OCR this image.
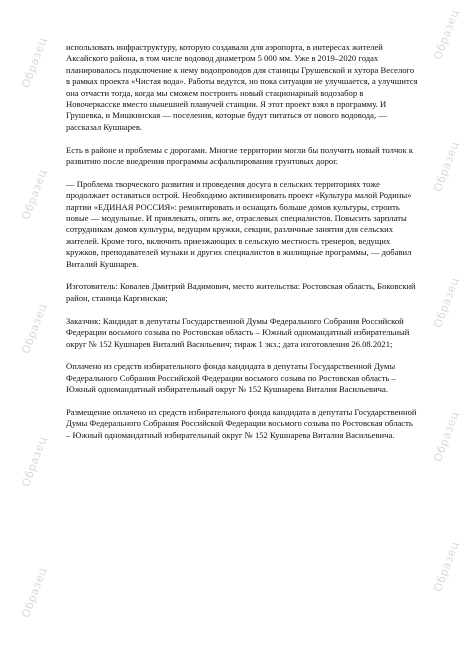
Образец
Образец
Образец
Образец
Образец
Образец
Образец
Образец
Образец
Образец

использовать инфраструктуру, которую создавали для аэропорта, в интересах жителей Аксайского района, в том числе водовод диаметром 5 000 мм. Уже в 2019–2020 годах планировалось подключение к нему водопроводов для станицы Грушевской и хутора Веселого в рамках проекта «Чистая вода». Работы ведутся, но пока ситуация не улучшается, а улучшится она отчасти тогда, когда мы сможем построить новый стационарный водозабор в Новочеркасске вместо нынешней плавучей станции. Я этот проект взял в программу. И Грушевка, и Мишкинская — поселения, которые будут питаться от нового водовода, — рассказал Кушнарев.

Есть в районе и проблемы с дорогами. Многие территории могли бы получить новый толчок к развитию после внедрения программы асфальтирования грунтовых дорог.

— Проблема творческого развития и проведения досуга в сельских территориях тоже продолжает оставаться острой. Необходимо активизировать проект «Культура малой Родины» партии «ЕДИНАЯ РОССИЯ»: ремонтировать и оснащать больше домов культуры, строить новые — модульные. И привлекать, опять же, отраслевых специалистов. Повысить зарплаты сотрудникам домов культуры, ведущим кружки, секции, различные занятия для сельских жителей. Кроме того, включить приезжающих в сельскую местность тренеров, ведущих кружков, преподавателей музыки и других специалистов в жилищные программы, — добавил Виталий Кушнарев.

Изготовитель: Ковалев Дмитрий Вадимович, место жительства: Ростовская область, Боковский район, станица Каргинская;

Заказчик: Кандидат в депутаты Государственной Думы Федерального Собрания Российской Федерации восьмого созыва по Ростовская область – Южный одномандатный избирательный округ № 152 Кушнарев Виталий Васильевич; тираж 1 экз.; дата изготовления 26.08.2021;

Оплачено из средств избирательного фонда кандидата в депутаты Государственной Думы Федерального Собрания Российской Федерации восьмого созыва по Ростовская область – Южный одномандатный избирательный округ № 152 Кушнарева Виталия Васильевича.

Размещение оплачено из средств избирательного фонда кандидата в депутаты Государственной Думы Федерального Собрания Российской Федерации восьмого созыва по Ростовская область – Южный одномандатный избирательный округ № 152 Кушнарева Виталия Васильевича.
